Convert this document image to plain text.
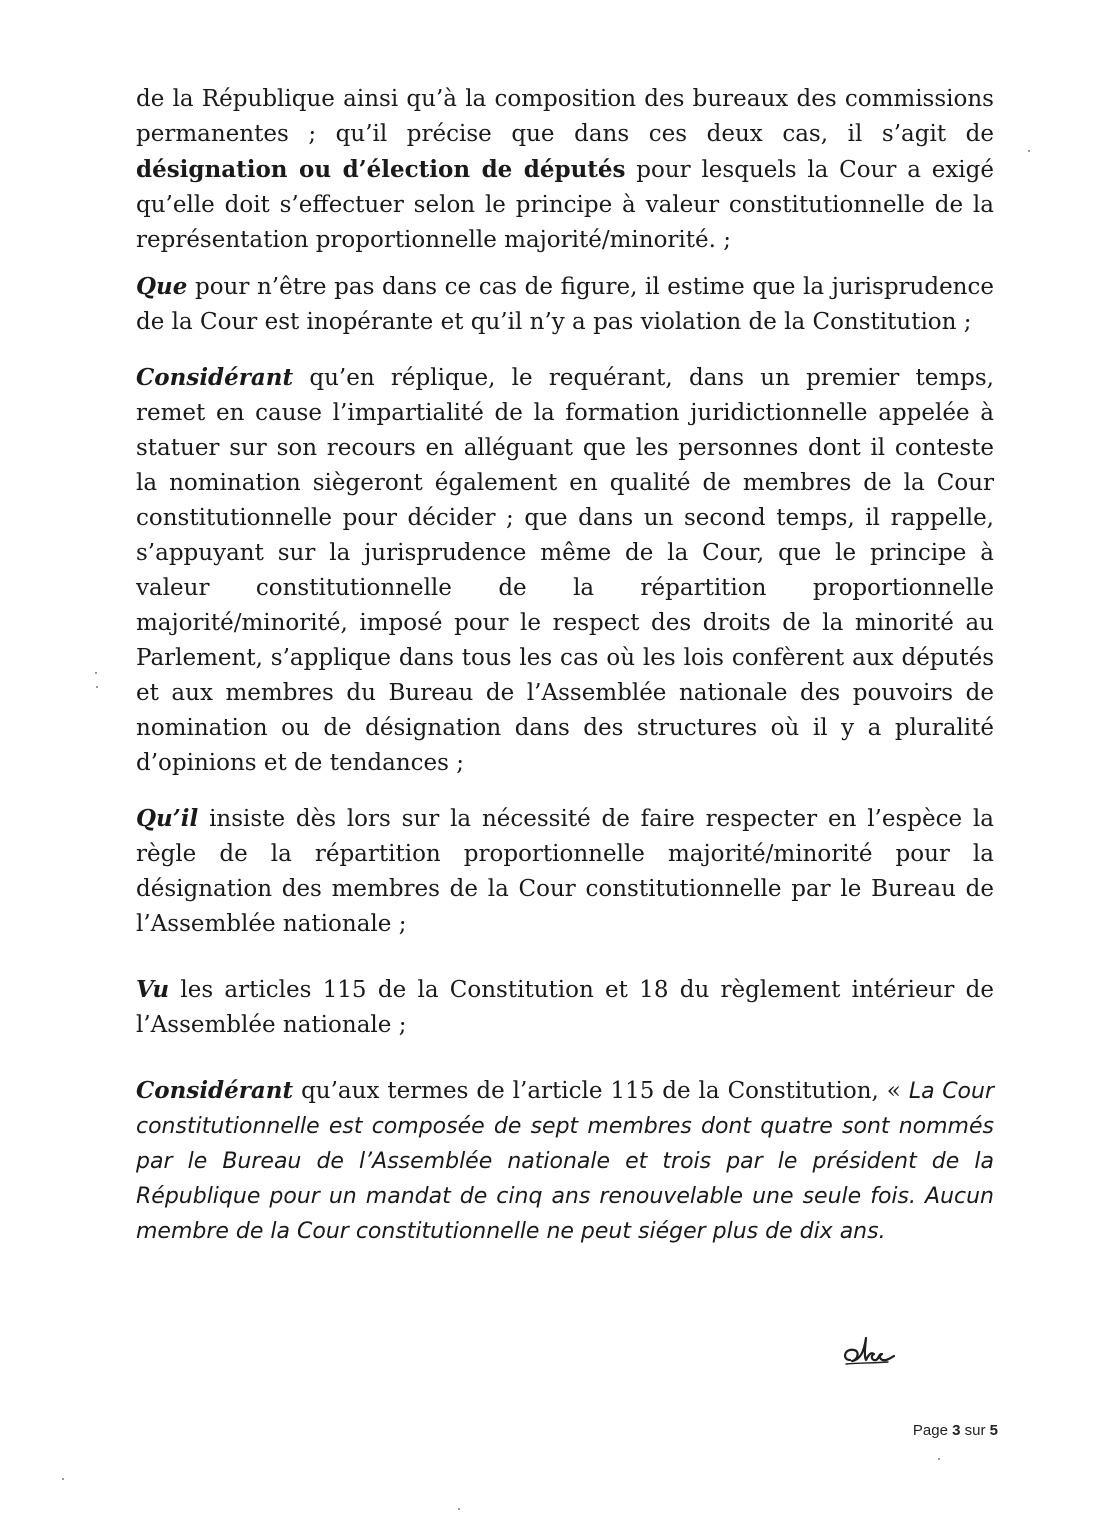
de la République ainsi qu’à la composition des bureaux des commissions permanentes ; qu’il précise que dans ces deux cas, il s’agit de désignation ou d’élection de députés pour lesquels la Cour a exigé qu’elle doit s’effectuer selon le principe à valeur constitutionnelle de la représentation proportionnelle majorité/minorité. ;

Que pour n’être pas dans ce cas de figure, il estime que la jurisprudence de la Cour est inopérante et qu’il n’y a pas violation de la Constitution ;

Considérant qu’en réplique, le requérant, dans un premier temps, remet en cause l’impartialité de la formation juridictionnelle appelée à statuer sur son recours en alléguant que les personnes dont il conteste la nomination siègeront également en qualité de membres de la Cour constitutionnelle pour décider ; que dans un second temps, il rappelle, s’appuyant sur la jurisprudence même de la Cour, que le principe à valeur constitutionnelle de la répartition proportionnelle majorité/minorité, imposé pour le respect des droits de la minorité au Parlement, s’applique dans tous les cas où les lois confèrent aux députés et aux membres du Bureau de l’Assemblée nationale des pouvoirs de nomination ou de désignation dans des structures où il y a pluralité d’opinions et de tendances ;

Qu’il insiste dès lors sur la nécessité de faire respecter en l’espèce la règle de la répartition proportionnelle majorité/minorité pour la désignation des membres de la Cour constitutionnelle par le Bureau de l’Assemblée nationale ;

Vu les articles 115 de la Constitution et 18 du règlement intérieur de l’Assemblée nationale ;

Considérant qu’aux termes de l’article 115 de la Constitution, « La Cour constitutionnelle est composée de sept membres dont quatre sont nommés par le Bureau de l’Assemblée nationale et trois par le président de la République pour un mandat de cinq ans renouvelable une seule fois. Aucun membre de la Cour constitutionnelle ne peut siéger plus de dix ans.

Page 3 sur 5
